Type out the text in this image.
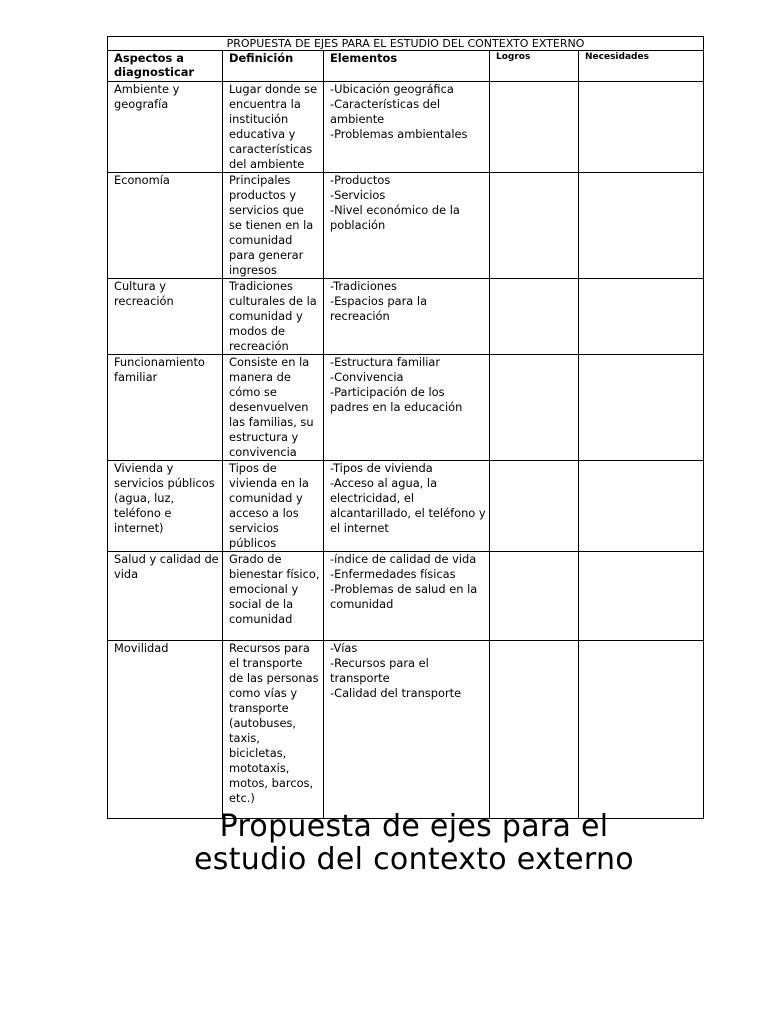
PROPUESTA DE EJES PARA EL ESTUDIO DEL CONTEXTO EXTERNO				
Aspectos a diagnosticar	Definición	Elementos	Logros	Necesidades
Ambiente y geografía	Lugar donde se encuentra la institución educativa y características del ambiente	-Ubicación geográfica
-Características del ambiente
-Problemas ambientales		

Economía	Principales productos y servicios que se tienen en la comunidad para generar ingresos	-Productos
-Servicios
-Nivel económico de la población		

Cultura y recreación	Tradiciones culturales de la comunidad y modos de recreación	-Tradiciones
-Espacios para la recreación		

Funcionamiento familiar	Consiste en la manera de cómo se desenvuelven las familias, su estructura y convivencia	-Estructura familiar
-Convivencia
-Participación de los padres en la educación		

Vivienda y servicios públicos (agua, luz, teléfono e internet)	Tipos de vivienda en la comunidad y acceso a los servicios públicos	-Tipos de vivienda
-Acceso al agua, la electricidad, el alcantarillado, el teléfono y el internet		

Salud y calidad de vida	Grado de bienestar físico, emocional y social de la comunidad	-índice de calidad de vida
-Enfermedades físicas
-Problemas de salud en la comunidad		

Movilidad	Recursos para el transporte de las personas como vías y transporte (autobuses, taxis, bicicletas, mototaxis, motos, barcos, etc.)	-Vías
-Recursos para el transporte
-Calidad del transporte		

Propuesta de ejes para el
estudio del contexto externo
